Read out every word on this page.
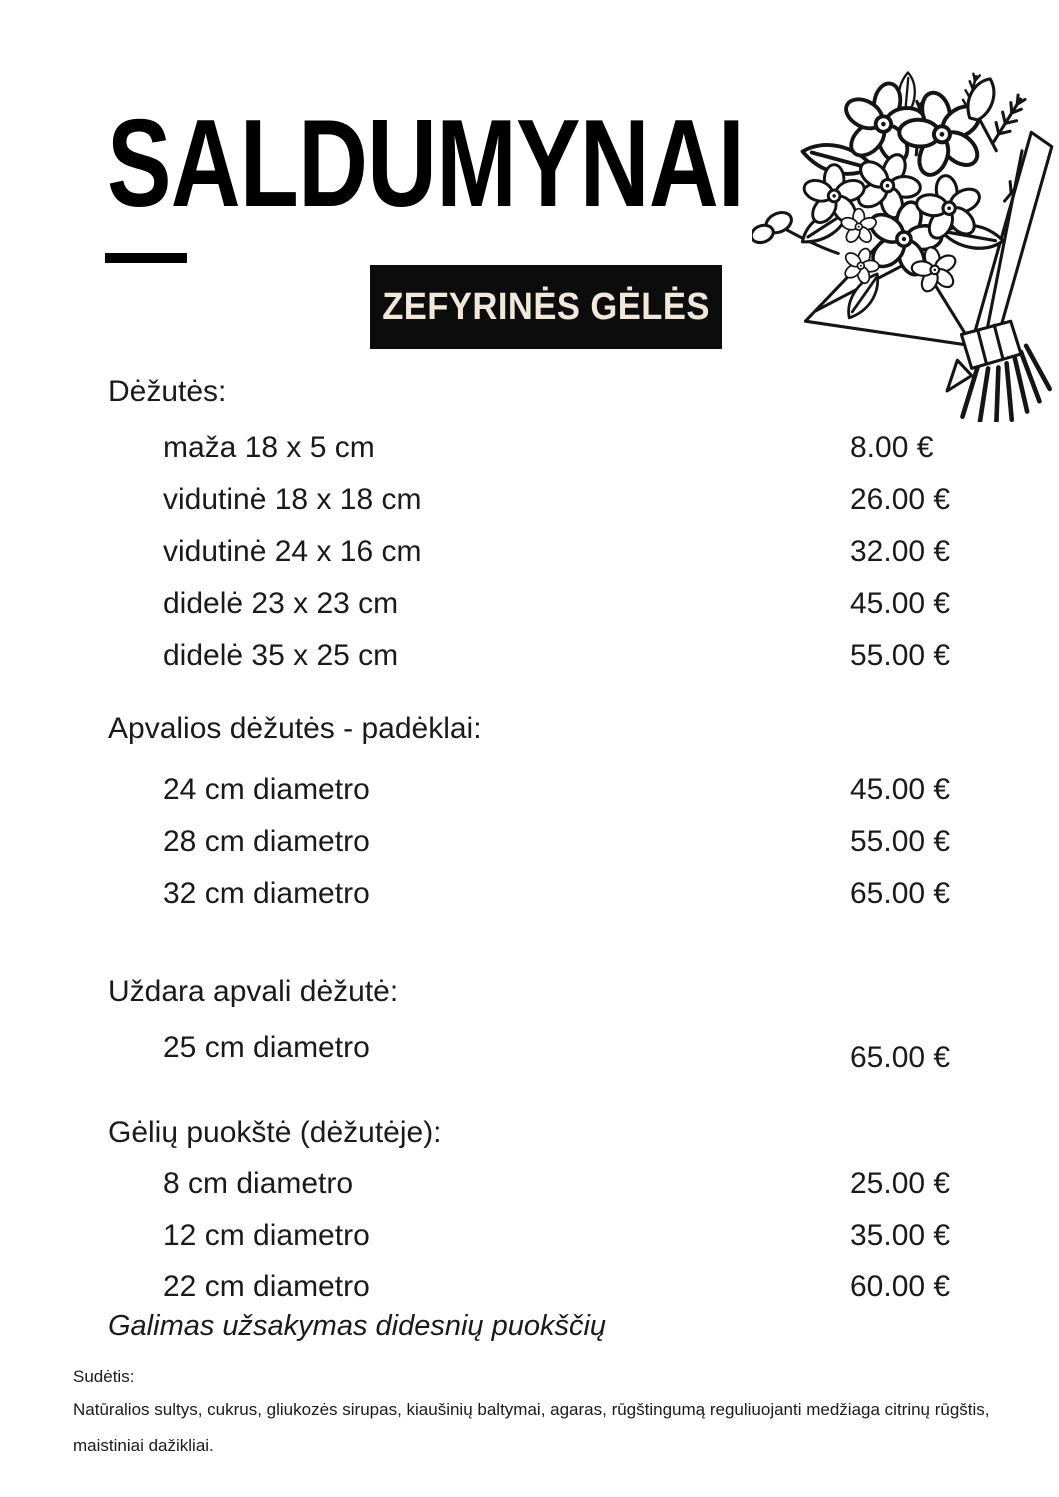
SALDUMYNAI
ZEFYRINĖS GĖLĖS
Dėžutės:
maža 18 x 5 cm	8.00 €
vidutinė 18 x 18 cm	26.00 €
vidutinė 24 x 16 cm	32.00 €
didelė 23 x 23 cm	45.00 €
didelė 35 x 25 cm	55.00 €
Apvalios dėžutės - padėklai:
24 cm diametro	45.00 €
28 cm diametro	55.00 €
32 cm diametro	65.00 €
Uždara apvali dėžutė:
25 cm diametro	65.00 €
Gėlių puokštė (dėžutėje):
8 cm diametro	25.00 €
12 cm diametro	35.00 €
22 cm diametro	60.00 €
Galimas užsakymas didesnių puokščių
Sudėtis:
Natūralios sultys, cukrus, gliukozės sirupas, kiaušinių baltymai, agaras, rūgštingumą reguliuojanti medžiaga citrinų rūgštis, maistiniai dažikliai.
